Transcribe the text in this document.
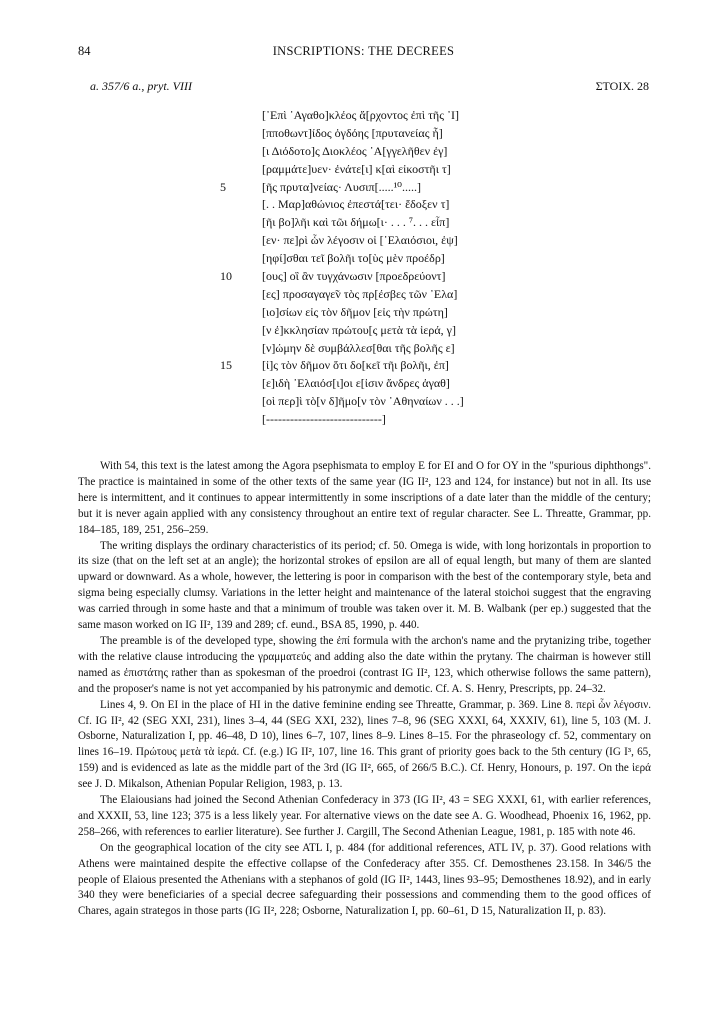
84	INSCRIPTIONS: THE DECREES
a. 357/6 a., pryt. VIII	ΣΤΟΙΧ. 28
[᾿Επὶ ᾿Αγαθο]κλέος ἄ[ρχοντος ἐπὶ τῆς ᾿Ι]
[πποθωντ]ίδος ὀγδόης [πρυτανείας ἧ]
[ι Διόδοτο]ς Διοκλέος ᾿Α[γγελῆθεν ἐγ]
[ραμμάτε]υεν· ἐνάτε[ι] κ[αὶ εἰκοστῆι τ]
5	[ῆς πρυτα]νείας· Λυσιπ[.....¹⁰.....]
[. . Μαρ]αθώνιος ἐπεστά[τει· ἔδοξεν τ]
[ῆι βο]λῆι καὶ τῶι δήμω[ι· . . . ⁷. . . εἶπ]
[εν· πε]ρὶ ὧν λέγοσιν οἱ [᾿Ελαιόσιοι, ἐψ]
[ηφί]σθαι τεῖ βολῆι το[ὺς μὲν προέδρ]
10	[ους] οἳ ἂν τυγχάνωσιν [προεδρεύοντ]
[ες] προσαγαγε̃ν τὸς πρ[έσβες τῶν ᾿Ελα]
[ιο]σίων εἰς τὸν δῆμον [εἰς τὴν πρώτη]
[ν ἐ]κκλησίαν πρώτου[ς μετὰ τὰ ἱερά, γ]
[ν]ώμην δὲ συμβάλλεσ[θαι τῆς βολῆς ε]
15	[ἰ]ς τὸν δῆμον ὅτι δο[κεῖ τῆι βολῆι, ἐπ]
[ε]ιδὴ ᾿Ελαιόσ[ι]οι ε[ἰσιν ἄνδρες ἀγαθ]
[οὶ περ]ὶ τὸ[ν δ]ῆμο[ν τὸν ᾿Αθηναίων . . .]
[-----------------------------]

With 54, this text is the latest among the Agora psephismata to employ E for EI and O for OΥ in the "spurious diphthongs". The practice is maintained in some of the other texts of the same year (IG II², 123 and 124, for instance) but not in all. Its use here is intermittent, and it continues to appear intermittently in some inscriptions of a date later than the middle of the century; but it is never again applied with any consistency throughout an entire text of regular character. See L. Threatte, Grammar, pp. 184–185, 189, 251, 256–259.

The writing displays the ordinary characteristics of its period; cf. 50. Omega is wide, with long horizontals in proportion to its size (that on the left set at an angle); the horizontal strokes of epsilon are all of equal length, but many of them are slanted upward or downward. As a whole, however, the lettering is poor in comparison with the best of the contemporary style, beta and sigma being especially clumsy. Variations in the letter height and maintenance of the lateral stoichoi suggest that the engraving was carried through in some haste and that a minimum of trouble was taken over it. M. B. Walbank (per ep.) suggested that the same mason worked on IG II², 139 and 289; cf. eund., BSA 85, 1990, p. 440.

The preamble is of the developed type, showing the ἐπί formula with the archon's name and the prytanizing tribe, together with the relative clause introducing the γραμματεύς and adding also the date within the prytany. The chairman is however still named as ἐπιστάτης rather than as spokesman of the proedroi (contrast IG II², 123, which otherwise follows the same pattern), and the proposer's name is not yet accompanied by his patronymic and demotic. Cf. A. S. Henry, Prescripts, pp. 24–32.

Lines 4, 9. On EI in the place of HI in the dative feminine ending see Threatte, Grammar, p. 369. Line 8. περὶ ὧν λέγοσιν. Cf. IG II², 42 (SEG XXI, 231), lines 3–4, 44 (SEG XXI, 232), lines 7–8, 96 (SEG XXXI, 64, XXXIV, 61), line 5, 103 (M. J. Osborne, Naturalization I, pp. 46–48, D 10), lines 6–7, 107, lines 8–9. Lines 8–15. For the phraseology cf. 52, commentary on lines 16–19. Πρώτους μετὰ τὰ ἱερά. Cf. (e.g.) IG II², 107, line 16. This grant of priority goes back to the 5th century (IG I³, 65, 159) and is evidenced as late as the middle part of the 3rd (IG II², 665, of 266/5 B.C.). Cf. Henry, Honours, p. 197. On the ἱερά see J. D. Mikalson, Athenian Popular Religion, 1983, p. 13.

The Elaiousians had joined the Second Athenian Confederacy in 373 (IG II², 43 = SEG XXXI, 61, with earlier references, and XXXII, 53, line 123; 375 is a less likely year. For alternative views on the date see A. G. Woodhead, Phoenix 16, 1962, pp. 258–266, with references to earlier literature). See further J. Cargill, The Second Athenian League, 1981, p. 185 with note 46.

On the geographical location of the city see ATL I, p. 484 (for additional references, ATL IV, p. 37). Good relations with Athens were maintained despite the effective collapse of the Confederacy after 355. Cf. Demosthenes 23.158. In 346/5 the people of Elaious presented the Athenians with a stephanos of gold (IG II², 1443, lines 93–95; Demosthenes 18.92), and in early 340 they were beneficiaries of a special decree safeguarding their possessions and commending them to the good offices of Chares, again strategos in those parts (IG II², 228; Osborne, Naturalization I, pp. 60–61, D 15, Naturalization II, p. 83).
